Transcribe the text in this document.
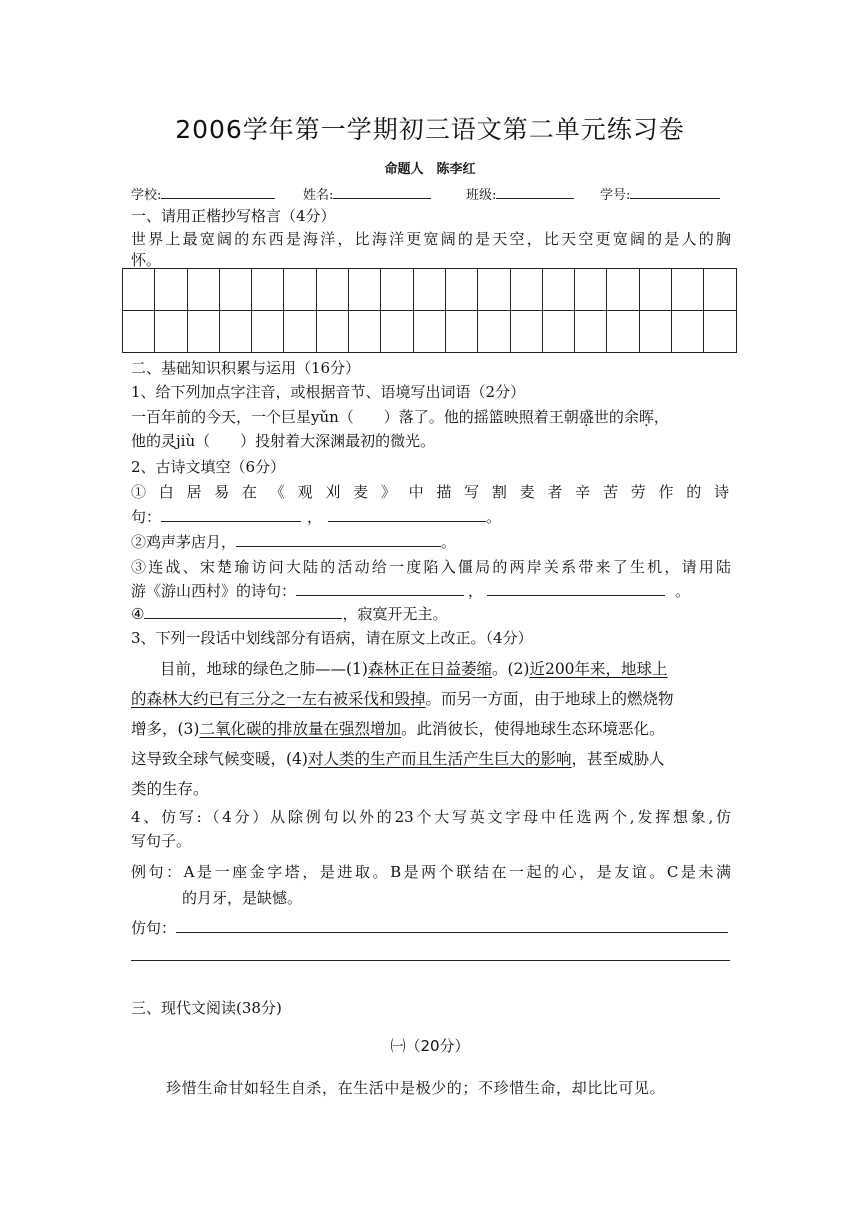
2006学年第一学期初三语文第二单元练习卷
命题人　陈李红
学校:	姓名:	班级:	学号:
一、请用正楷抄写格言（4分）
世界上最宽阔的东西是海洋，比海洋更宽阔的是天空，比天空更宽阔的是人的胸
怀。

二、基础知识积累与运用（16分）
1、给下列加点字注音，或根据音节、语境写出词语（2分）
一百年前的今天，一个巨星yǔn（　　）落了。他的摇篮映照着王朝盛世的余晖，
他的灵jiù（　　）投射着大深渊最初的微光。
2、古诗文填空（6分）
①白居易在《观刈麦》中描写割麦者辛苦劳作的诗
句：	，	。
②鸡声茅店月，	。
③连战、宋楚瑜访问大陆的活动给一度陷入僵局的两岸关系带来了生机，请用陆
游《游山西村》的诗句：	，	。
④	，寂寞开无主。
3、下列一段话中划线部分有语病，请在原文上改正。（4分）
目前，地球的绿色之肺——(1)森林正在日益萎缩。(2)近200年来，地球上
的森林大约已有三分之一左右被采伐和毁掉。而另一方面，由于地球上的燃烧物
增多，(3)二氧化碳的排放量在强烈增加。此消彼长，使得地球生态环境恶化。
这导致全球气候变暖，(4)对人类的生产而且生活产生巨大的影响，甚至威胁人
类的生存。
4、仿写:（4分）从除例句以外的23个大写英文字母中任选两个,发挥想象,仿
写句子。
例句：A是一座金字塔，是进取。B是两个联结在一起的心，是友谊。C是未满
的月牙，是缺憾。
仿句：
三、现代文阅读(38分)
㈠（20分）
珍惜生命甘如轻生自杀，在生活中是极少的；不珍惜生命，却比比可见。
